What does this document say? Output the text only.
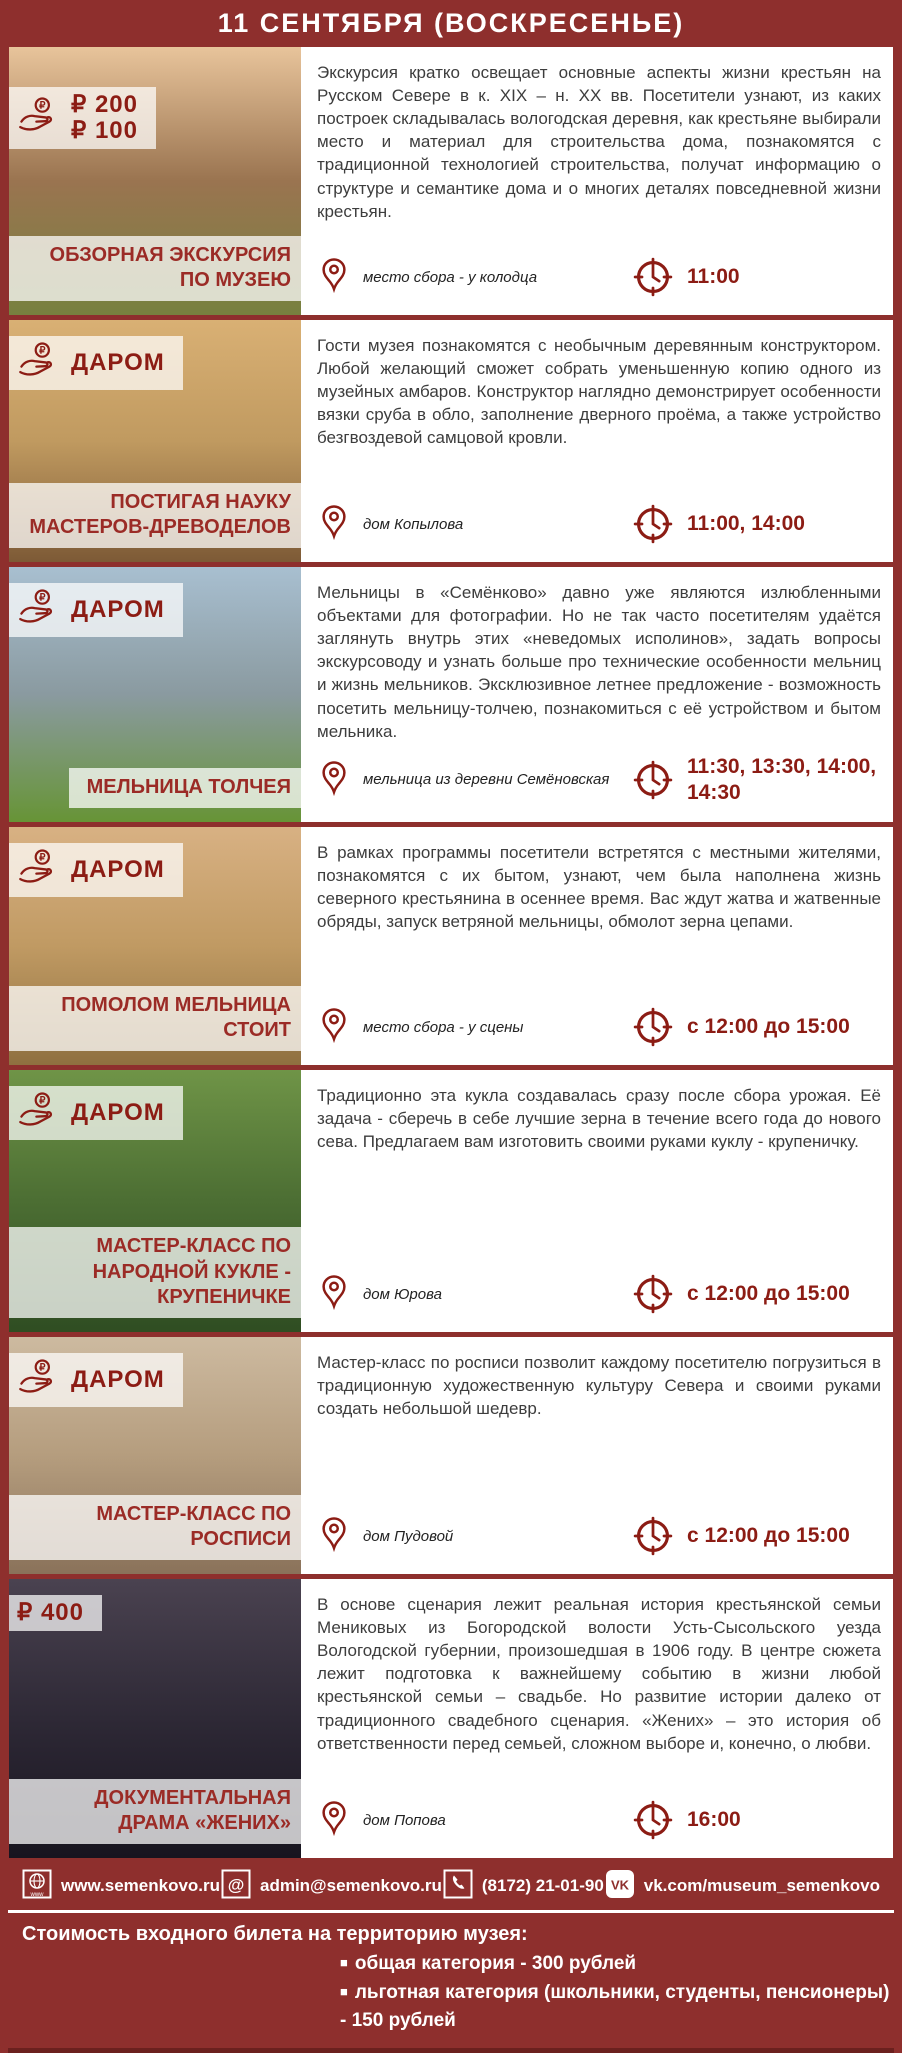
11 СЕНТЯБРЯ (ВОСКРЕСЕНЬЕ)
₽ ₽ 200
₽ 100
ОБЗОРНАЯ ЭКСКУРСИЯ ПО МУЗЕЮ

Экскурсия кратко освещает основные аспекты жизни крестьян на Русском Севере в к. XIX – н. XX вв. Посетители узнают, из каких построек складывалась вологодская деревня, как крестьяне выбирали место и материал для строительства дома, познакомятся с традиционной технологией строительства, получат информацию о структуре и семантике дома и о многих деталях повседневной жизни крестьян.

место сбора - у колодца	11:00
₽ ДАРОМ
ПОСТИГАЯ НАУКУ МАСТЕРОВ-ДРЕВОДЕЛОВ

Гости музея познакомятся с необычным деревянным конструктором. Любой желающий сможет собрать уменьшенную копию одного из музейных амбаров. Конструктор наглядно демонстрирует особенности вязки сруба в обло, заполнение дверного проёма, а также устройство безгвоздевой самцовой кровли.

дом Копылова	11:00, 14:00
₽ ДАРОМ
МЕЛЬНИЦА ТОЛЧЕЯ

Мельницы в «Семёнково» давно уже являются излюбленными объектами для фотографии. Но не так часто посетителям удаётся заглянуть внутрь этих «неведомых исполинов», задать вопросы экскурсоводу и узнать больше про технические особенности мельниц и жизнь мельников. Эксклюзивное летнее предложение - возможность посетить мельницу-толчею, познакомиться с её устройством и бытом мельника.

мельница из деревни Семёновская
11:30, 13:30, 14:00, 14:30
₽ ДАРОМ
ПОМОЛОМ МЕЛЬНИЦА СТОИТ

В рамках программы посетители встретятся с местными жителями, познакомятся с их бытом, узнают, чем была наполнена жизнь северного крестьянина в осеннее время. Вас ждут жатва и жатвенные обряды, запуск ветряной мельницы, обмолот зерна цепами.

место сбора - у сцены	с 12:00 до 15:00
₽ ДАРОМ
МАСТЕР-КЛАСС ПО НАРОДНОЙ КУКЛЕ - КРУПЕНИЧКЕ

Традиционно эта кукла создавалась сразу после сбора урожая. Её задача - сберечь в себе лучшие зерна в течение всего года до нового сева. Предлагаем вам изготовить своими руками куклу - крупеничку.

дом Юрова	с 12:00 до 15:00
₽ ДАРОМ
МАСТЕР-КЛАСС ПО РОСПИСИ

Мастер-класс по росписи позволит каждому посетителю погрузиться в традиционную художественную культуру Севера и своими руками создать небольшой шедевр.

дом Пудовой	с 12:00 до 15:00
₽ 400
ДОКУМЕНТАЛЬНАЯ ДРАМА «ЖЕНИХ»

В основе сценария лежит реальная история крестьянской семьи Мениковых из Богородской волости Усть-Сысольского уезда Вологодской губернии, произошедшая в 1906 году. В центре сюжета лежит подготовка к важнейшему событию в жизни любой крестьянской семьи – свадьбе. Но развитие истории далеко от традиционного свадебного сценария. «Жених» – это история об ответственности перед семьей, сложном выборе и, конечно, о любви.

дом Попова	16:00
www www.semenkovo.ru @ admin@semenkovo.ru (8172) 21-01-90 VK vk.com/museum_semenkovo
Стоимость входного билета на территорию музея:
■ общая категория - 300 рублей
■ льготная категория (школьники, студенты, пенсионеры) - 150 рублей
